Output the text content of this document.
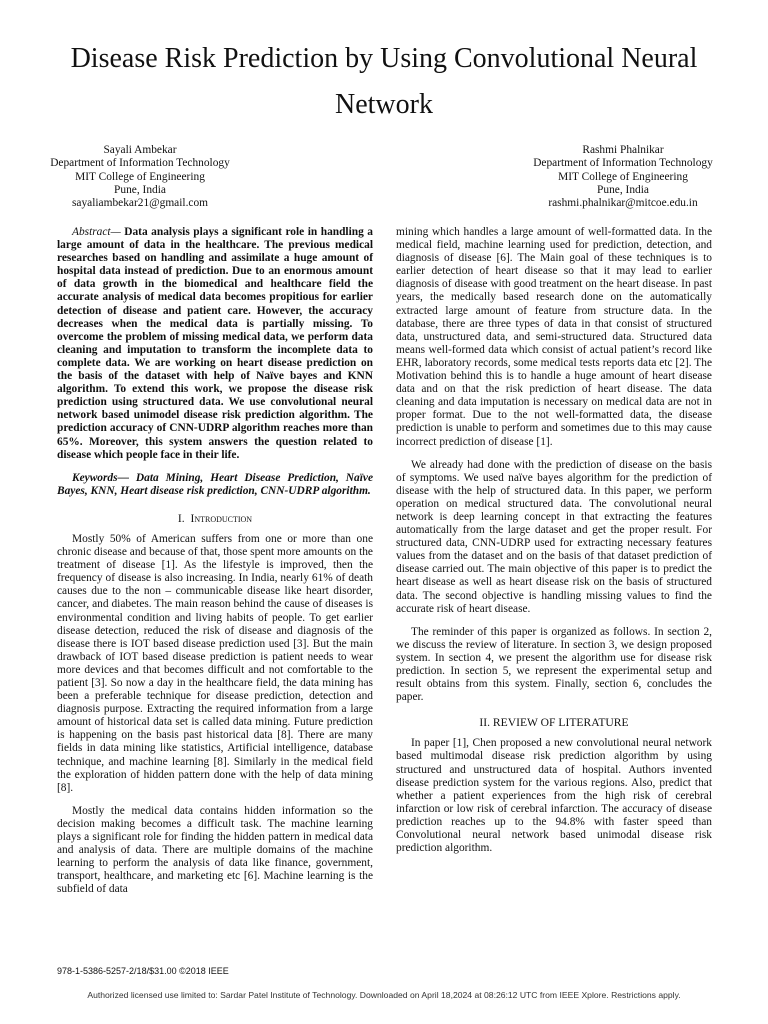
Disease Risk Prediction by Using Convolutional Neural Network
Sayali Ambekar
Department of Information Technology
MIT College of Engineering
Pune, India
sayaliambekar21@gmail.com
Rashmi Phalnikar
Department of Information Technology
MIT College of Engineering
Pune, India
rashmi.phalnikar@mitcoe.edu.in

Abstract— Data analysis plays a significant role in handling a large amount of data in the healthcare. The previous medical researches based on handling and assimilate a huge amount of hospital data instead of prediction. Due to an enormous amount of data growth in the biomedical and healthcare field the accurate analysis of medical data becomes propitious for earlier detection of disease and patient care. However, the accuracy decreases when the medical data is partially missing. To overcome the problem of missing medical data, we perform data cleaning and imputation to transform the incomplete data to complete data. We are working on heart disease prediction on the basis of the dataset with help of Naïve bayes and KNN algorithm. To extend this work, we propose the disease risk prediction using structured data. We use convolutional neural network based unimodel disease risk prediction algorithm. The prediction accuracy of CNN-UDRP algorithm reaches more than 65%. Moreover, this system answers the question related to disease which people face in their life.

Keywords— Data Mining, Heart Disease Prediction, Naïve Bayes, KNN, Heart disease risk prediction, CNN-UDRP algorithm.

I. Introduction

Mostly 50% of American suffers from one or more than one chronic disease and because of that, those spent more amounts on the treatment of disease [1]. As the lifestyle is improved, then the frequency of disease is also increasing. In India, nearly 61% of death causes due to the non – communicable disease like heart disorder, cancer, and diabetes. The main reason behind the cause of diseases is environmental condition and living habits of people. To get earlier disease detection, reduced the risk of disease and diagnosis of the disease there is IOT based disease prediction used [3]. But the main drawback of IOT based disease prediction is patient needs to wear more devices and that becomes difficult and not comfortable to the patient [3]. So now a day in the healthcare field, the data mining has been a preferable technique for disease prediction, detection and diagnosis purpose. Extracting the required information from a large amount of historical data set is called data mining. Future prediction is happening on the basis past historical data [8]. There are many fields in data mining like statistics, Artificial intelligence, database technique, and machine learning [8]. Similarly in the medical field the exploration of hidden pattern done with the help of data mining [8].

Mostly the medical data contains hidden information so the decision making becomes a difficult task. The machine learning plays a significant role for finding the hidden pattern in medical data and analysis of data. There are multiple domains of the machine learning to perform the analysis of data like finance, government, transport, healthcare, and marketing etc [6]. Machine learning is the subfield of data

mining which handles a large amount of well-formatted data. In the medical field, machine learning used for prediction, detection, and diagnosis of disease [6]. The Main goal of these techniques is to earlier detection of heart disease so that it may lead to earlier diagnosis of disease with good treatment on the heart disease. In past years, the medically based research done on the automatically extracted large amount of feature from structure data. In the database, there are three types of data in that consist of structured data, unstructured data, and semi-structured data. Structured data means well-formed data which consist of actual patient’s record like EHR, laboratory records, some medical tests reports data etc [2]. The Motivation behind this is to handle a huge amount of heart disease data and on that the risk prediction of heart disease. The data cleaning and data imputation is necessary on medical data are not in proper format. Due to the not well-formatted data, the disease prediction is unable to perform and sometimes due to this may cause incorrect prediction of disease [1].

We already had done with the prediction of disease on the basis of symptoms. We used naïve bayes algorithm for the prediction of disease with the help of structured data. In this paper, we perform operation on medical structured data. The convolutional neural network is deep learning concept in that extracting the features automatically from the large dataset and get the proper result. For structured data, CNN-UDRP used for extracting necessary features values from the dataset and on the basis of that dataset prediction of disease carried out. The main objective of this paper is to predict the heart disease as well as heart disease risk on the basis of structured data. The second objective is handling missing values to find the accurate risk of heart disease.

The reminder of this paper is organized as follows. In section 2, we discuss the review of literature. In section 3, we design proposed system. In section 4, we present the algorithm use for disease risk prediction. In section 5, we represent the experimental setup and result obtains from this system. Finally, section 6, concludes the paper.

II. REVIEW OF LITERATURE

In paper [1], Chen proposed a new convolutional neural network based multimodal disease risk prediction algorithm by using structured and unstructured data of hospital. Authors invented disease prediction system for the various regions. Also, predict that whether a patient experiences from the high risk of cerebral infarction or low risk of cerebral infarction. The accuracy of disease prediction reaches up to the 94.8% with faster speed than Convolutional neural network based unimodal disease risk prediction algorithm.

978-1-5386-5257-2/18/$31.00 ©2018 IEEE
Authorized licensed use limited to: Sardar Patel Institute of Technology. Downloaded on April 18,2024 at 08:26:12 UTC from IEEE Xplore. Restrictions apply.
